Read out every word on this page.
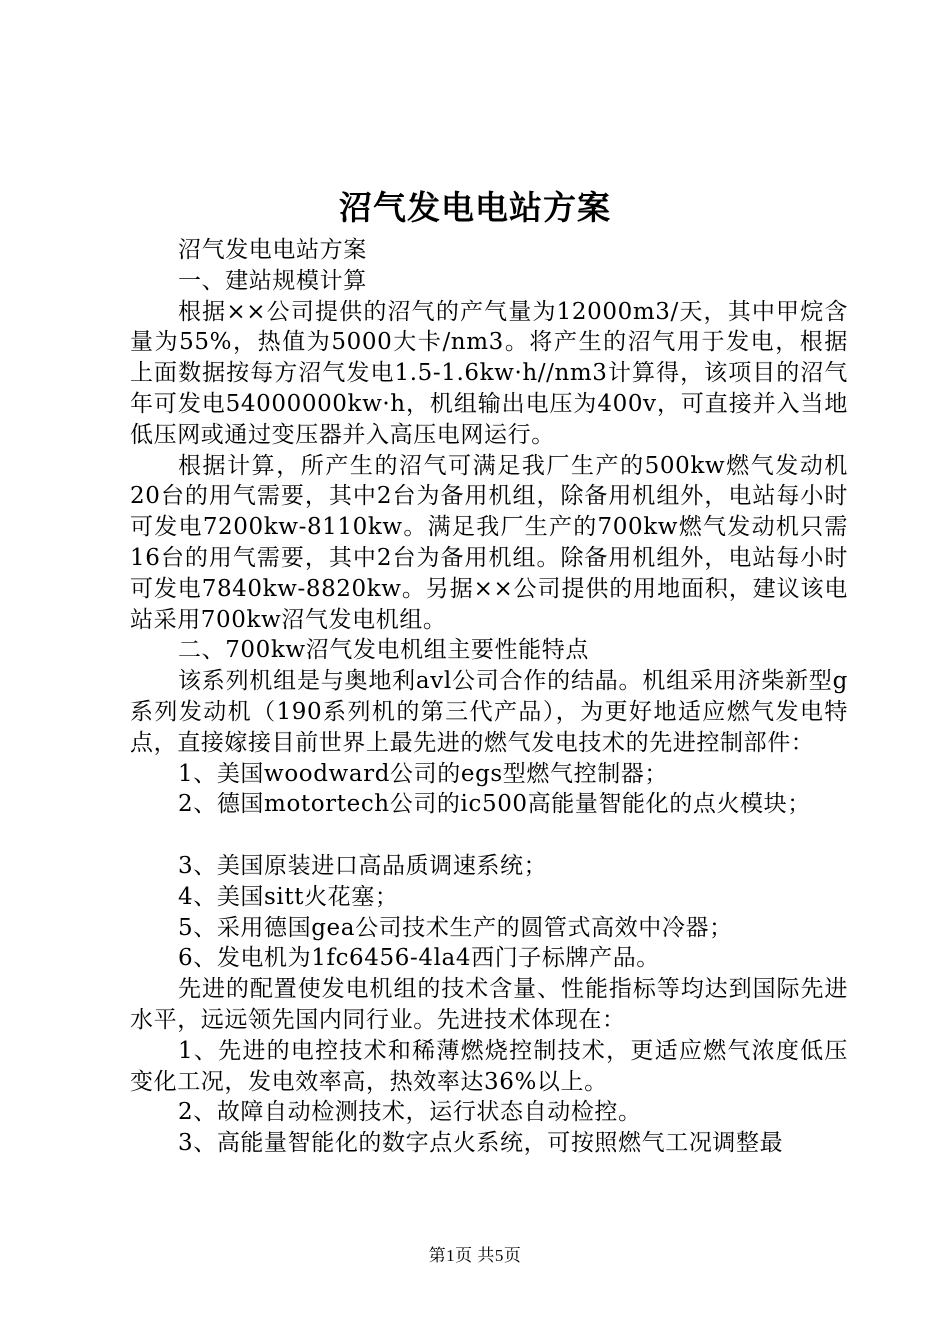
沼气发电电站方案

沼气发电电站方案

一、建站规模计算

根据××公司提供的沼气的产气量为12000m3/天，其中甲烷含量为55%，热值为5000大卡/nm3。将产生的沼气用于发电，根据上面数据按每方沼气发电1.5-1.6kw·h//nm3计算得，该项目的沼气年可发电54000000kw·h，机组输出电压为400v，可直接并入当地低压网或通过变压器并入高压电网运行。

根据计算，所产生的沼气可满足我厂生产的500kw燃气发动机20台的用气需要，其中2台为备用机组，除备用机组外，电站每小时可发电7200kw-8110kw。满足我厂生产的700kw燃气发动机只需16台的用气需要，其中2台为备用机组。除备用机组外，电站每小时可发电7840kw-8820kw。另据××公司提供的用地面积，建议该电站采用700kw沼气发电机组。

二、700kw沼气发电机组主要性能特点

该系列机组是与奥地利avl公司合作的结晶。机组采用济柴新型g系列发动机（190系列机的第三代产品），为更好地适应燃气发电特点，直接嫁接目前世界上最先进的燃气发电技术的先进控制部件：

1、美国woodward公司的egs型燃气控制器；

2、德国motortech公司的ic500高能量智能化的点火模块；

3、美国原装进口高品质调速系统；

4、美国sitt火花塞；

5、采用德国gea公司技术生产的圆管式高效中冷器；

6、发电机为1fc6456-4la4西门子标牌产品。

先进的配置使发电机组的技术含量、性能指标等均达到国际先进水平，远远领先国内同行业。先进技术体现在：

1、先进的电控技术和稀薄燃烧控制技术，更适应燃气浓度低压变化工况，发电效率高，热效率达36%以上。

2、故障自动检测技术，运行状态自动检控。

3、高能量智能化的数字点火系统，可按照燃气工况调整最

第1页 共5页
